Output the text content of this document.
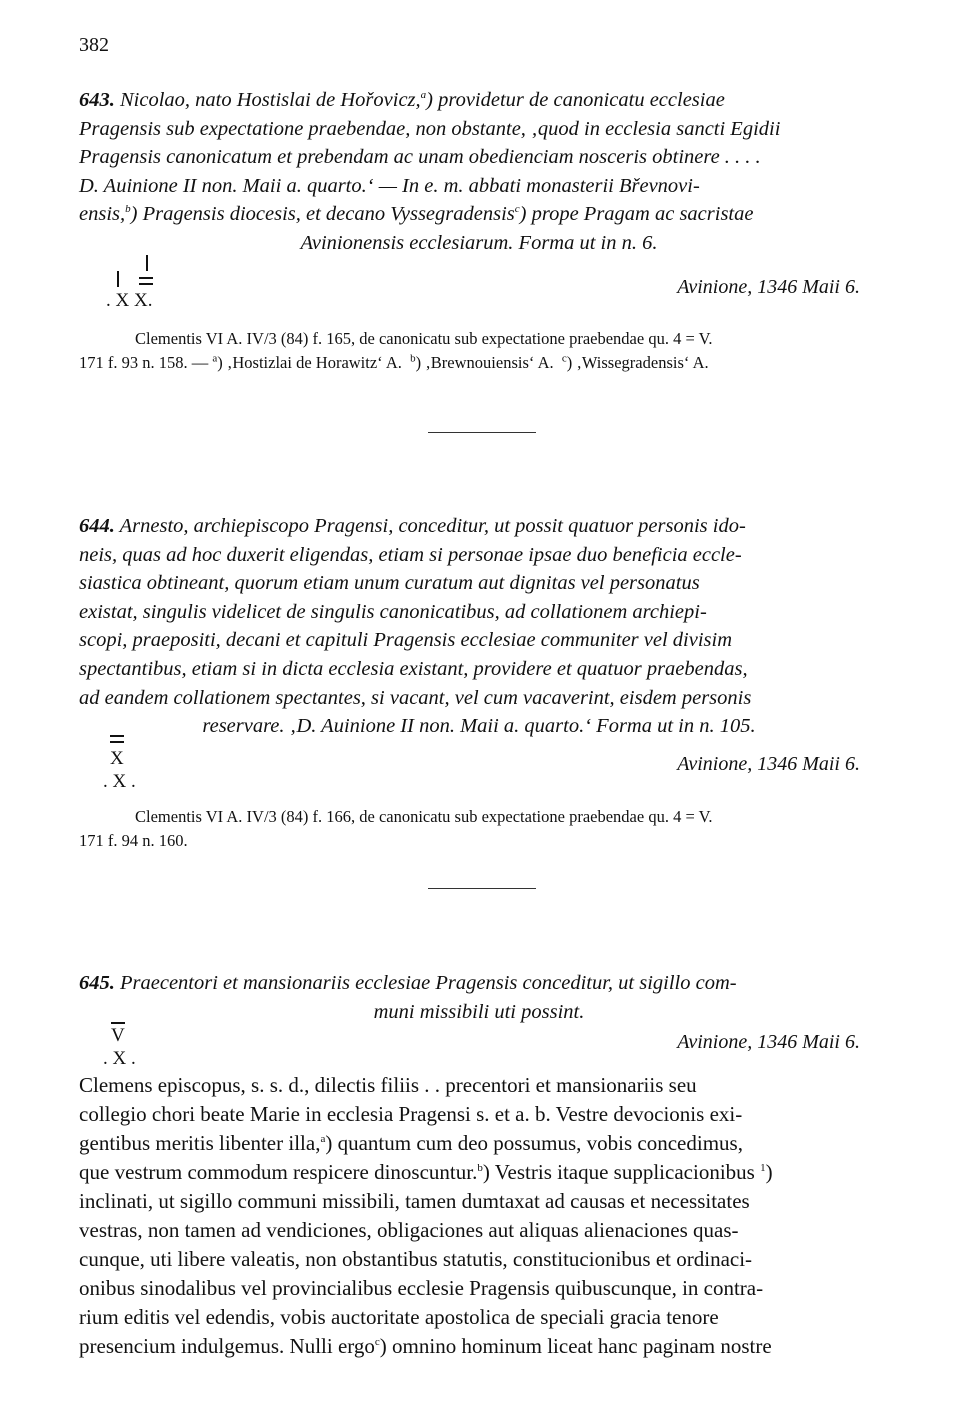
382
643. Nicolao, nato Hostislai de Hořovicz,$^a$) providetur de canonicatu ecclesiae
Pragensis sub expectatione praebendae, non obstante, ‚quod in ecclesia sancti Egidii
Pragensis canonicatum et prebendam ac unam obedienciam nosceris obtinere . . . .
D. Auinione II non. Maii a. quarto.‘ — In e. m. abbati monasterii Břevnovi-
ensis,$^b$) Pragensis diocesis, et decano Vyssegradensis$^c$) prope Pragam ac sacristae
Avinionensis ecclesiarum. Forma ut in n. 6.
. X X.
Avinione, 1346 Maii 6.
Clementis VI A. IV/3 (84) f. 165, de canonicatu sub expectatione praebendae qu. 4 = V.
171 f. 93 n. 158. — $^a$) ‚Hostizlai de Horawitz‘ A. $^b$) ‚Brewnouiensis‘ A. $^c$) ‚Wissegradensis‘ A.
644. Arnesto, archiepiscopo Pragensi, conceditur, ut possit quatuor personis ido-
neis, quas ad hoc duxerit eligendas, etiam si personae ipsae duo beneficia eccle-
siastica obtineant, quorum etiam unum curatum aut dignitas vel personatus
existat, singulis videlicet de singulis canonicatibus, ad collationem archiepi-
scopi, praepositi, decani et capituli Pragensis ecclesiae communiter vel divisim
spectantibus, etiam si in dicta ecclesia existant, providere et quatuor praebendas,
ad eandem collationem spectantes, si vacant, vel cum vacaverint, eisdem personis
reservare. ‚D. Auinione II non. Maii a. quarto.‘ Forma ut in n. 105.
X
. X .
Avinione, 1346 Maii 6.
Clementis VI A. IV/3 (84) f. 166, de canonicatu sub expectatione praebendae qu. 4 = V.
171 f. 94 n. 160.
645. Praecentori et mansionariis ecclesiae Pragensis conceditur, ut sigillo com-
muni missibili uti possint.
V
. X .
Avinione, 1346 Maii 6.
Clemens episcopus, s. s. d., dilectis filiis . . precentori et mansionariis seu
collegio chori beate Marie in ecclesia Pragensi s. et a. b. Vestre devocionis exi-
gentibus meritis libenter illa,$^a$) quantum cum deo possumus, vobis concedimus,
que vestrum commodum respicere dinoscuntur.$^b$) Vestris itaque supplicacionibus $^1$)
inclinati, ut sigillo communi missibili, tamen dumtaxat ad causas et necessitates
vestras, non tamen ad vendiciones, obligaciones aut aliquas alienaciones quas-
cunque, uti libere valeatis, non obstantibus statutis, constitucionibus et ordinaci-
onibus sinodalibus vel provincialibus ecclesie Pragensis quibuscunque, in contra-
rium editis vel edendis, vobis auctoritate apostolica de speciali gracia tenore
presencium indulgemus. Nulli ergo$^c$) omnino hominum liceat hanc paginam nostre
